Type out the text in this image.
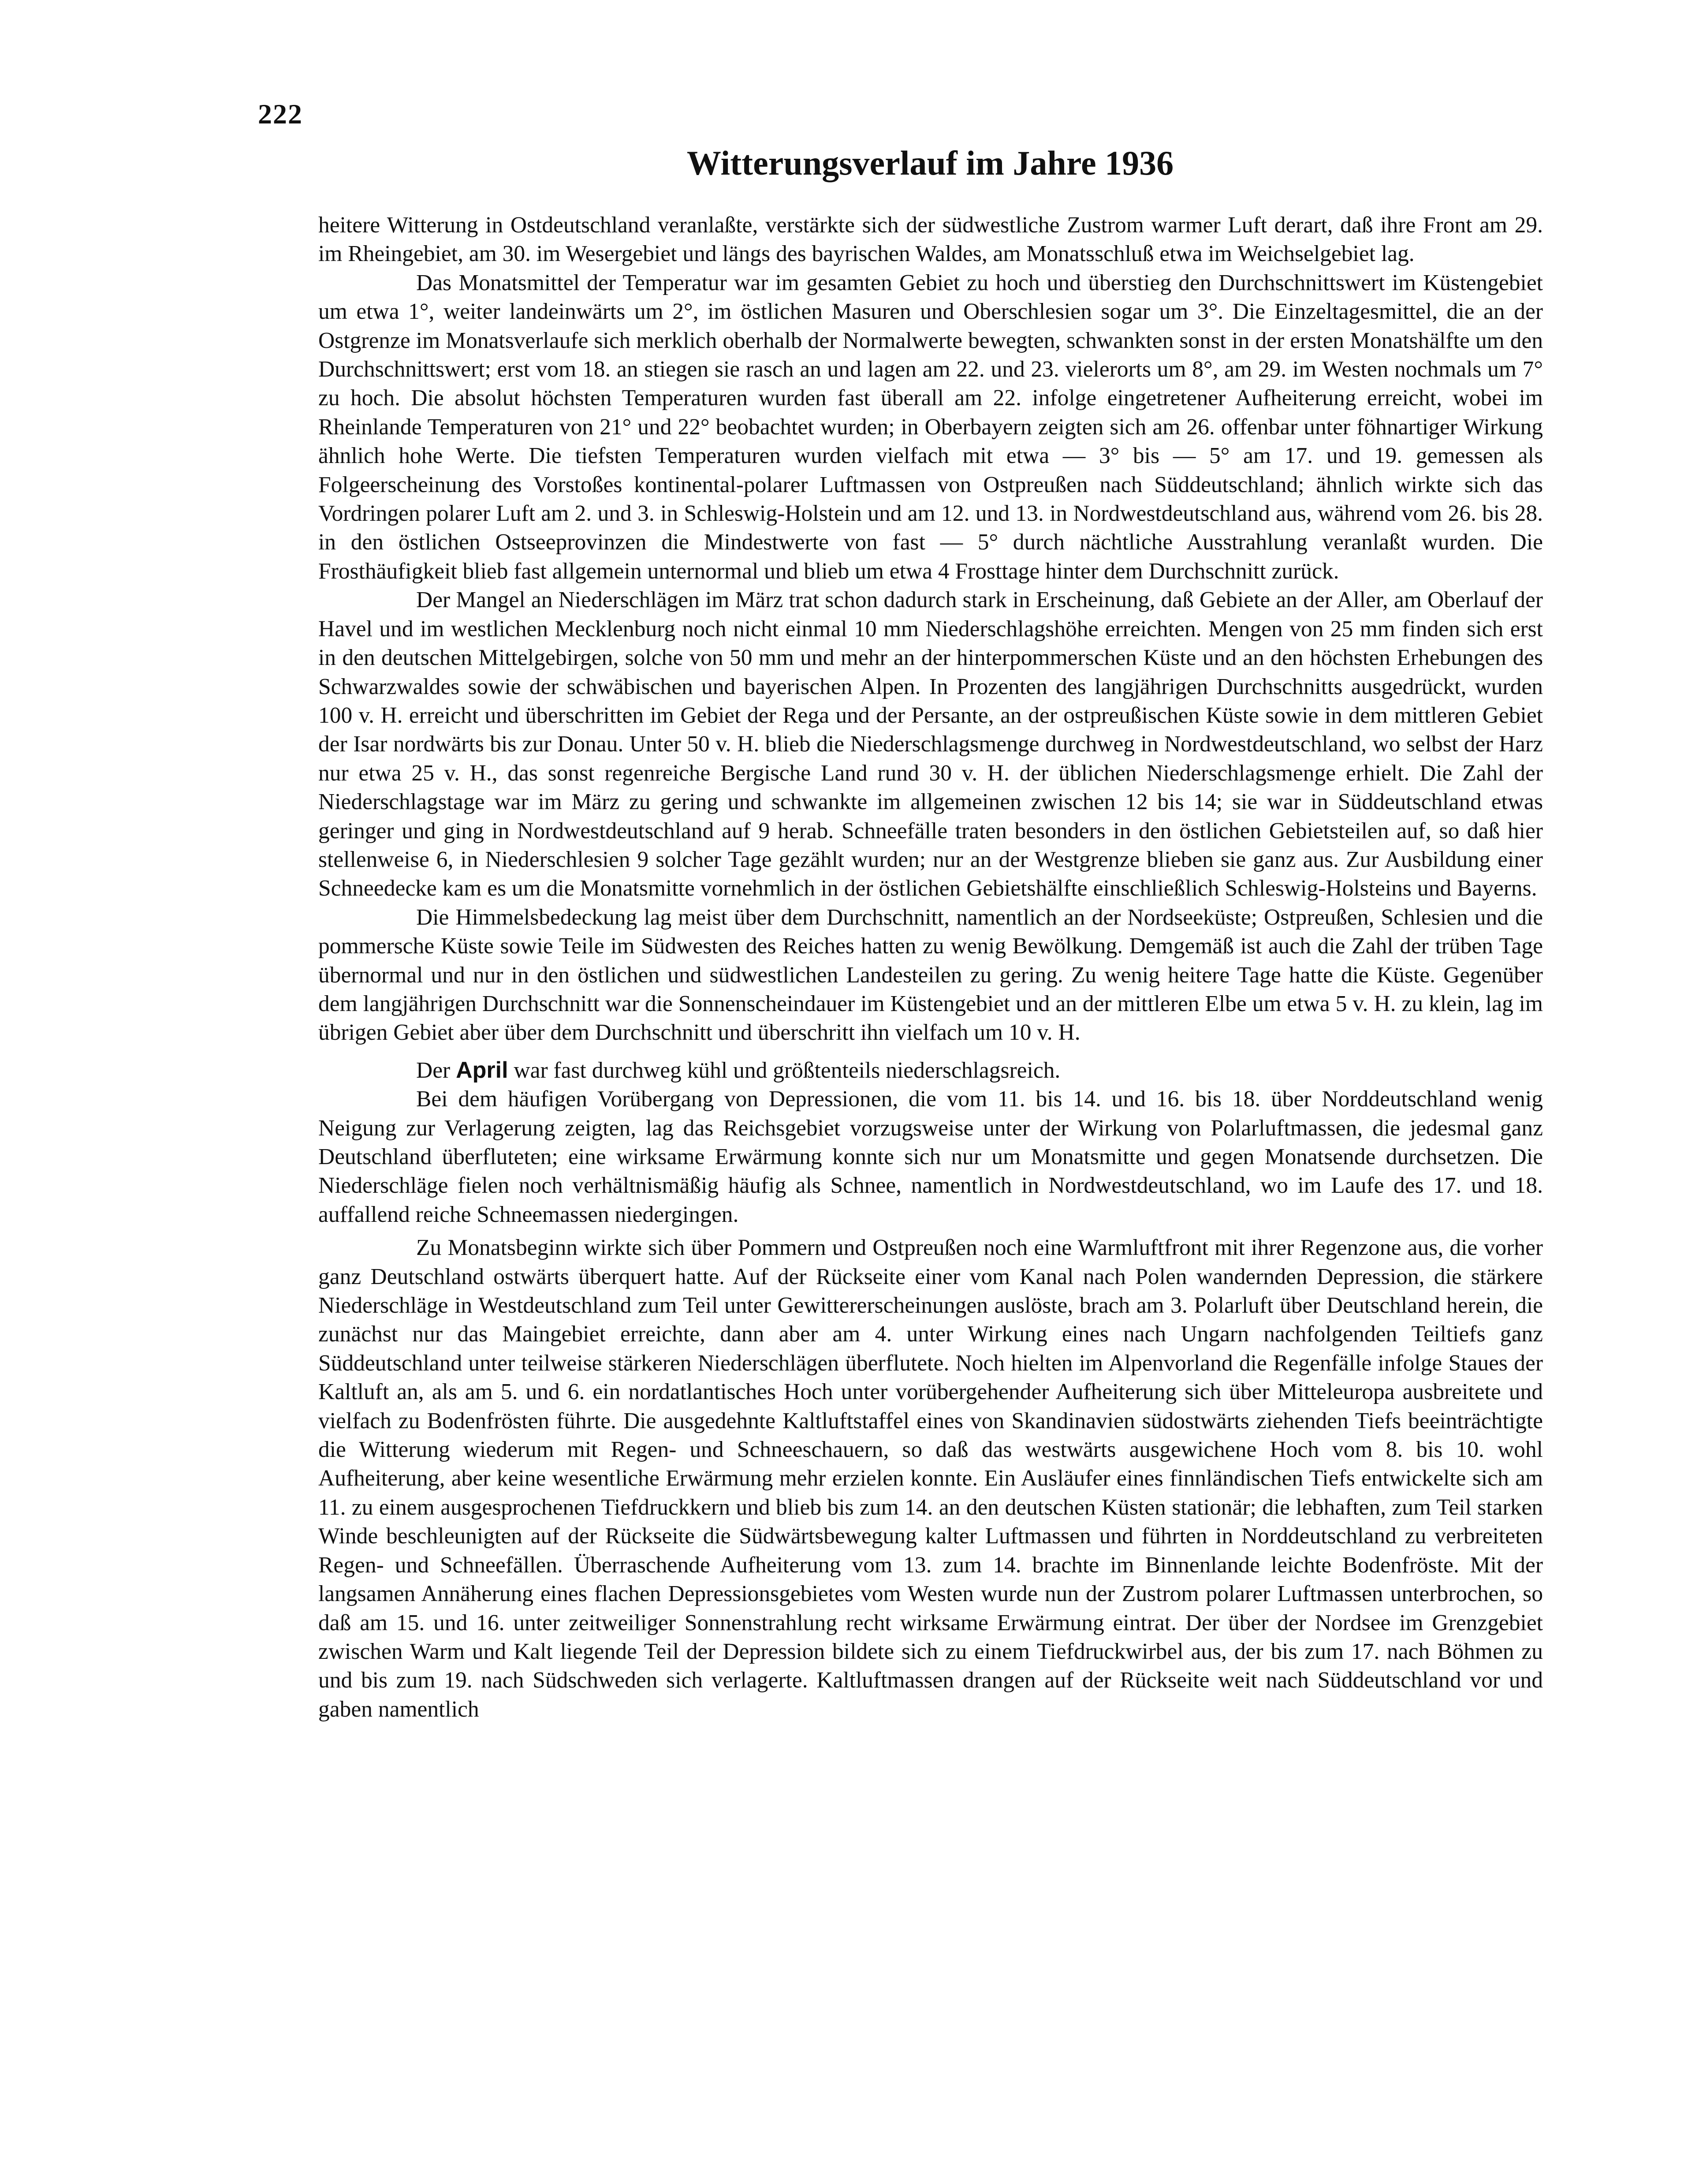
222
Witterungsverlauf im Jahre 1936

heitere Witterung in Ostdeutschland veranlaßte, verstärkte sich der südwestliche Zustrom warmer Luft derart, daß ihre Front am 29. im Rheingebiet, am 30. im Wesergebiet und längs des bayrischen Waldes, am Monatsschluß etwa im Weichselgebiet lag.

Das Monatsmittel der Temperatur war im gesamten Gebiet zu hoch und überstieg den Durchschnittswert im Küstengebiet um etwa 1°, weiter landeinwärts um 2°, im östlichen Masuren und Oberschlesien sogar um 3°. Die Einzeltagesmittel, die an der Ostgrenze im Monatsverlaufe sich merklich oberhalb der Normalwerte bewegten, schwankten sonst in der ersten Monatshälfte um den Durchschnittswert; erst vom 18. an stiegen sie rasch an und lagen am 22. und 23. vielerorts um 8°, am 29. im Westen nochmals um 7° zu hoch. Die absolut höchsten Temperaturen wurden fast überall am 22. infolge eingetretener Aufheiterung erreicht, wobei im Rheinlande Temperaturen von 21° und 22° beobachtet wurden; in Oberbayern zeigten sich am 26. offenbar unter föhnartiger Wirkung ähnlich hohe Werte. Die tiefsten Temperaturen wurden vielfach mit etwa — 3° bis — 5° am 17. und 19. gemessen als Folgeerscheinung des Vorstoßes kontinental-polarer Luftmassen von Ostpreußen nach Süddeutschland; ähnlich wirkte sich das Vordringen polarer Luft am 2. und 3. in Schleswig-Holstein und am 12. und 13. in Nordwestdeutschland aus, während vom 26. bis 28. in den östlichen Ostseeprovinzen die Mindestwerte von fast — 5° durch nächtliche Ausstrahlung veranlaßt wurden. Die Frosthäufigkeit blieb fast allgemein unternormal und blieb um etwa 4 Frosttage hinter dem Durchschnitt zurück.

Der Mangel an Niederschlägen im März trat schon dadurch stark in Erscheinung, daß Gebiete an der Aller, am Oberlauf der Havel und im westlichen Mecklenburg noch nicht einmal 10 mm Niederschlagshöhe erreichten. Mengen von 25 mm finden sich erst in den deutschen Mittelgebirgen, solche von 50 mm und mehr an der hinterpommerschen Küste und an den höchsten Erhebungen des Schwarzwaldes sowie der schwäbischen und bayerischen Alpen. In Prozenten des langjährigen Durchschnitts ausgedrückt, wurden 100 v. H. erreicht und überschritten im Gebiet der Rega und der Persante, an der ostpreußischen Küste sowie in dem mittleren Gebiet der Isar nordwärts bis zur Donau. Unter 50 v. H. blieb die Niederschlagsmenge durchweg in Nordwestdeutschland, wo selbst der Harz nur etwa 25 v. H., das sonst regenreiche Bergische Land rund 30 v. H. der üblichen Niederschlagsmenge erhielt. Die Zahl der Niederschlagstage war im März zu gering und schwankte im allgemeinen zwischen 12 bis 14; sie war in Süddeutschland etwas geringer und ging in Nordwestdeutschland auf 9 herab. Schneefälle traten besonders in den östlichen Gebietsteilen auf, so daß hier stellenweise 6, in Niederschlesien 9 solcher Tage gezählt wurden; nur an der Westgrenze blieben sie ganz aus. Zur Ausbildung einer Schneedecke kam es um die Monatsmitte vornehmlich in der östlichen Gebietshälfte einschließlich Schleswig-Holsteins und Bayerns.

Die Himmelsbedeckung lag meist über dem Durchschnitt, namentlich an der Nordseeküste; Ostpreußen, Schlesien und die pommersche Küste sowie Teile im Südwesten des Reiches hatten zu wenig Bewölkung. Demgemäß ist auch die Zahl der trüben Tage übernormal und nur in den östlichen und südwestlichen Landesteilen zu gering. Zu wenig heitere Tage hatte die Küste. Gegenüber dem langjährigen Durchschnitt war die Sonnenscheindauer im Küstengebiet und an der mittleren Elbe um etwa 5 v. H. zu klein, lag im übrigen Gebiet aber über dem Durchschnitt und überschritt ihn vielfach um 10 v. H.

Der April war fast durchweg kühl und größtenteils niederschlagsreich.

Bei dem häufigen Vorübergang von Depressionen, die vom 11. bis 14. und 16. bis 18. über Norddeutschland wenig Neigung zur Verlagerung zeigten, lag das Reichsgebiet vorzugsweise unter der Wirkung von Polarluftmassen, die jedesmal ganz Deutschland überfluteten; eine wirksame Erwärmung konnte sich nur um Monatsmitte und gegen Monatsende durchsetzen. Die Niederschläge fielen noch verhältnismäßig häufig als Schnee, namentlich in Nordwestdeutschland, wo im Laufe des 17. und 18. auffallend reiche Schneemassen niedergingen.

Zu Monatsbeginn wirkte sich über Pommern und Ostpreußen noch eine Warmluftfront mit ihrer Regenzone aus, die vorher ganz Deutschland ostwärts überquert hatte. Auf der Rückseite einer vom Kanal nach Polen wandernden Depression, die stärkere Niederschläge in Westdeutschland zum Teil unter Gewittererscheinungen auslöste, brach am 3. Polarluft über Deutschland herein, die zunächst nur das Maingebiet erreichte, dann aber am 4. unter Wirkung eines nach Ungarn nachfolgenden Teiltiefs ganz Süddeutschland unter teilweise stärkeren Niederschlägen überflutete. Noch hielten im Alpenvorland die Regenfälle infolge Staues der Kaltluft an, als am 5. und 6. ein nordatlantisches Hoch unter vorübergehender Aufheiterung sich über Mitteleuropa ausbreitete und vielfach zu Bodenfrösten führte. Die ausgedehnte Kaltluftstaffel eines von Skandinavien südostwärts ziehenden Tiefs beeinträchtigte die Witterung wiederum mit Regen- und Schneeschauern, so daß das westwärts ausgewichene Hoch vom 8. bis 10. wohl Aufheiterung, aber keine wesentliche Erwärmung mehr erzielen konnte. Ein Ausläufer eines finnländischen Tiefs entwickelte sich am 11. zu einem ausgesprochenen Tiefdruckkern und blieb bis zum 14. an den deutschen Küsten stationär; die lebhaften, zum Teil starken Winde beschleunigten auf der Rückseite die Südwärtsbewegung kalter Luftmassen und führten in Norddeutschland zu verbreiteten Regen- und Schneefällen. Überraschende Aufheiterung vom 13. zum 14. brachte im Binnenlande leichte Bodenfröste. Mit der langsamen Annäherung eines flachen Depressionsgebietes vom Westen wurde nun der Zustrom polarer Luftmassen unterbrochen, so daß am 15. und 16. unter zeitweiliger Sonnenstrahlung recht wirksame Erwärmung eintrat. Der über der Nordsee im Grenzgebiet zwischen Warm und Kalt liegende Teil der Depression bildete sich zu einem Tiefdruckwirbel aus, der bis zum 17. nach Böhmen zu und bis zum 19. nach Südschweden sich verlagerte. Kaltluftmassen drangen auf der Rückseite weit nach Süddeutschland vor und gaben namentlich
